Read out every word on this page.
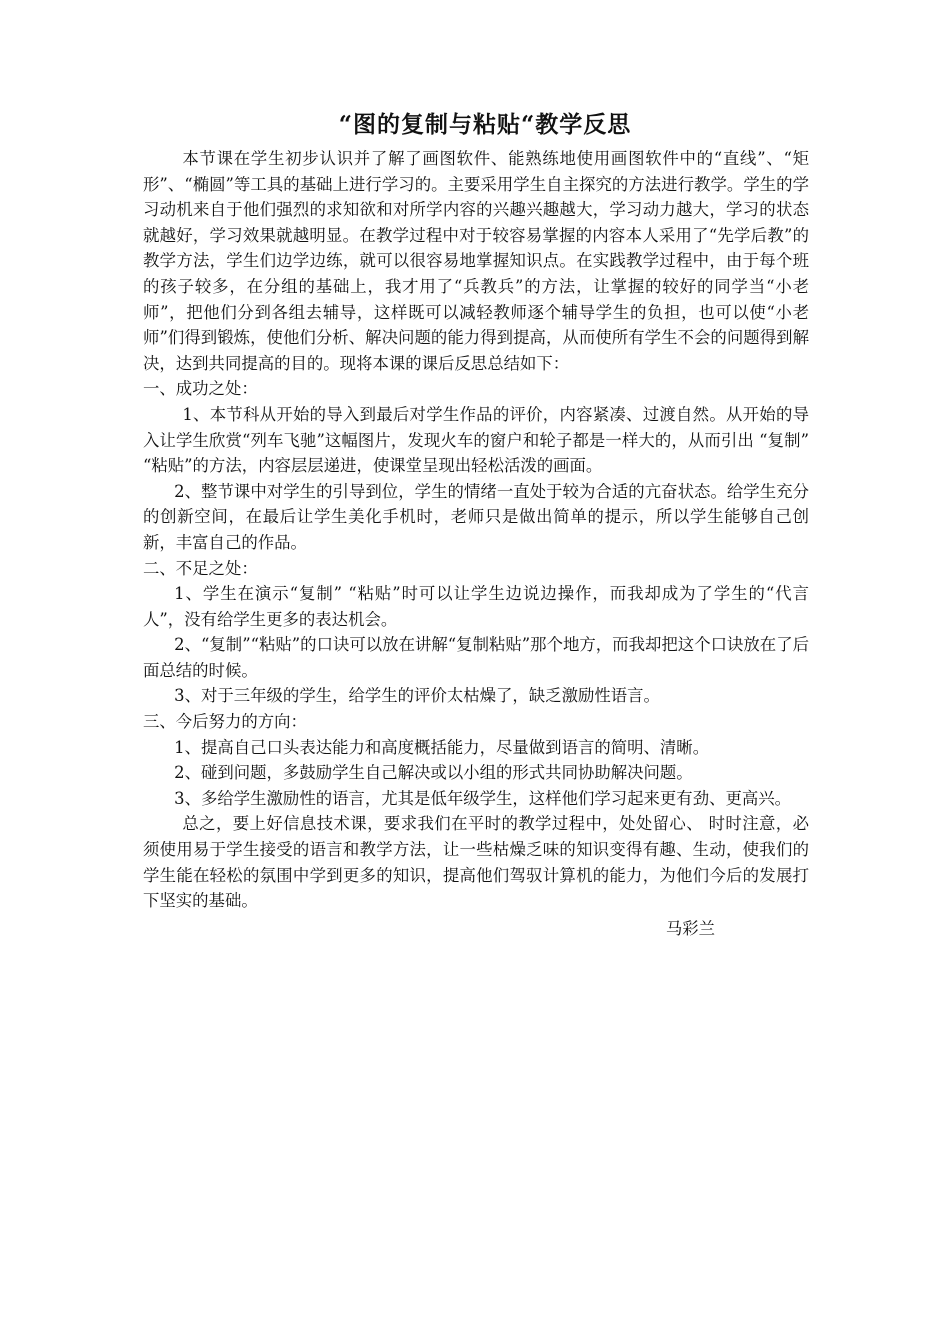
“图的复制与粘贴“教学反思

本节课在学生初步认识并了解了画图软件、能熟练地使用画图软件中的“直线”、“矩形”、“椭圆”等工具的基础上进行学习的。主要采用学生自主探究的方法进行教学。学生的学习动机来自于他们强烈的求知欲和对所学内容的兴趣兴趣越大，学习动力越大，学习的状态就越好，学习效果就越明显。在教学过程中对于较容易掌握的内容本人采用了“先学后教”的教学方法，学生们边学边练，就可以很容易地掌握知识点。在实践教学过程中，由于每个班的孩子较多，在分组的基础上，我才用了“兵教兵”的方法，让掌握的较好的同学当“小老师”，把他们分到各组去辅导，这样既可以减轻教师逐个辅导学生的负担，也可以使“小老师”们得到锻炼，使他们分析、解决问题的能力得到提高，从而使所有学生不会的问题得到解决，达到共同提高的目的。现将本课的课后反思总结如下：

一、成功之处：

1、本节科从开始的导入到最后对学生作品的评价，内容紧凑、过渡自然。从开始的导入让学生欣赏“列车飞驰”这幅图片，发现火车的窗户和轮子都是一样大的，从而引出 “复制” “粘贴”的方法，内容层层递进，使课堂呈现出轻松活泼的画面。

2、整节课中对学生的引导到位，学生的情绪一直处于较为合适的亢奋状态。给学生充分的创新空间，在最后让学生美化手机时，老师只是做出简单的提示，所以学生能够自己创新，丰富自己的作品。

二、不足之处：

1、学生在演示“复制” “粘贴”时可以让学生边说边操作，而我却成为了学生的“代言人”，没有给学生更多的表达机会。

2、“复制”“粘贴”的口诀可以放在讲解“复制粘贴”那个地方，而我却把这个口诀放在了后面总结的时候。

3、对于三年级的学生，给学生的评价太枯燥了，缺乏激励性语言。

三、今后努力的方向：

1、提高自己口头表达能力和高度概括能力，尽量做到语言的简明、清晰。

2、碰到问题，多鼓励学生自己解决或以小组的形式共同协助解决问题。

3、多给学生激励性的语言，尤其是低年级学生，这样他们学习起来更有劲、更高兴。

总之，要上好信息技术课，要求我们在平时的教学过程中，处处留心、 时时注意，必须使用易于学生接受的语言和教学方法，让一些枯燥乏味的知识变得有趣、生动，使我们的学生能在轻松的氛围中学到更多的知识，提高他们驾驭计算机的能力，为他们今后的发展打下坚实的基础。

马彩兰
